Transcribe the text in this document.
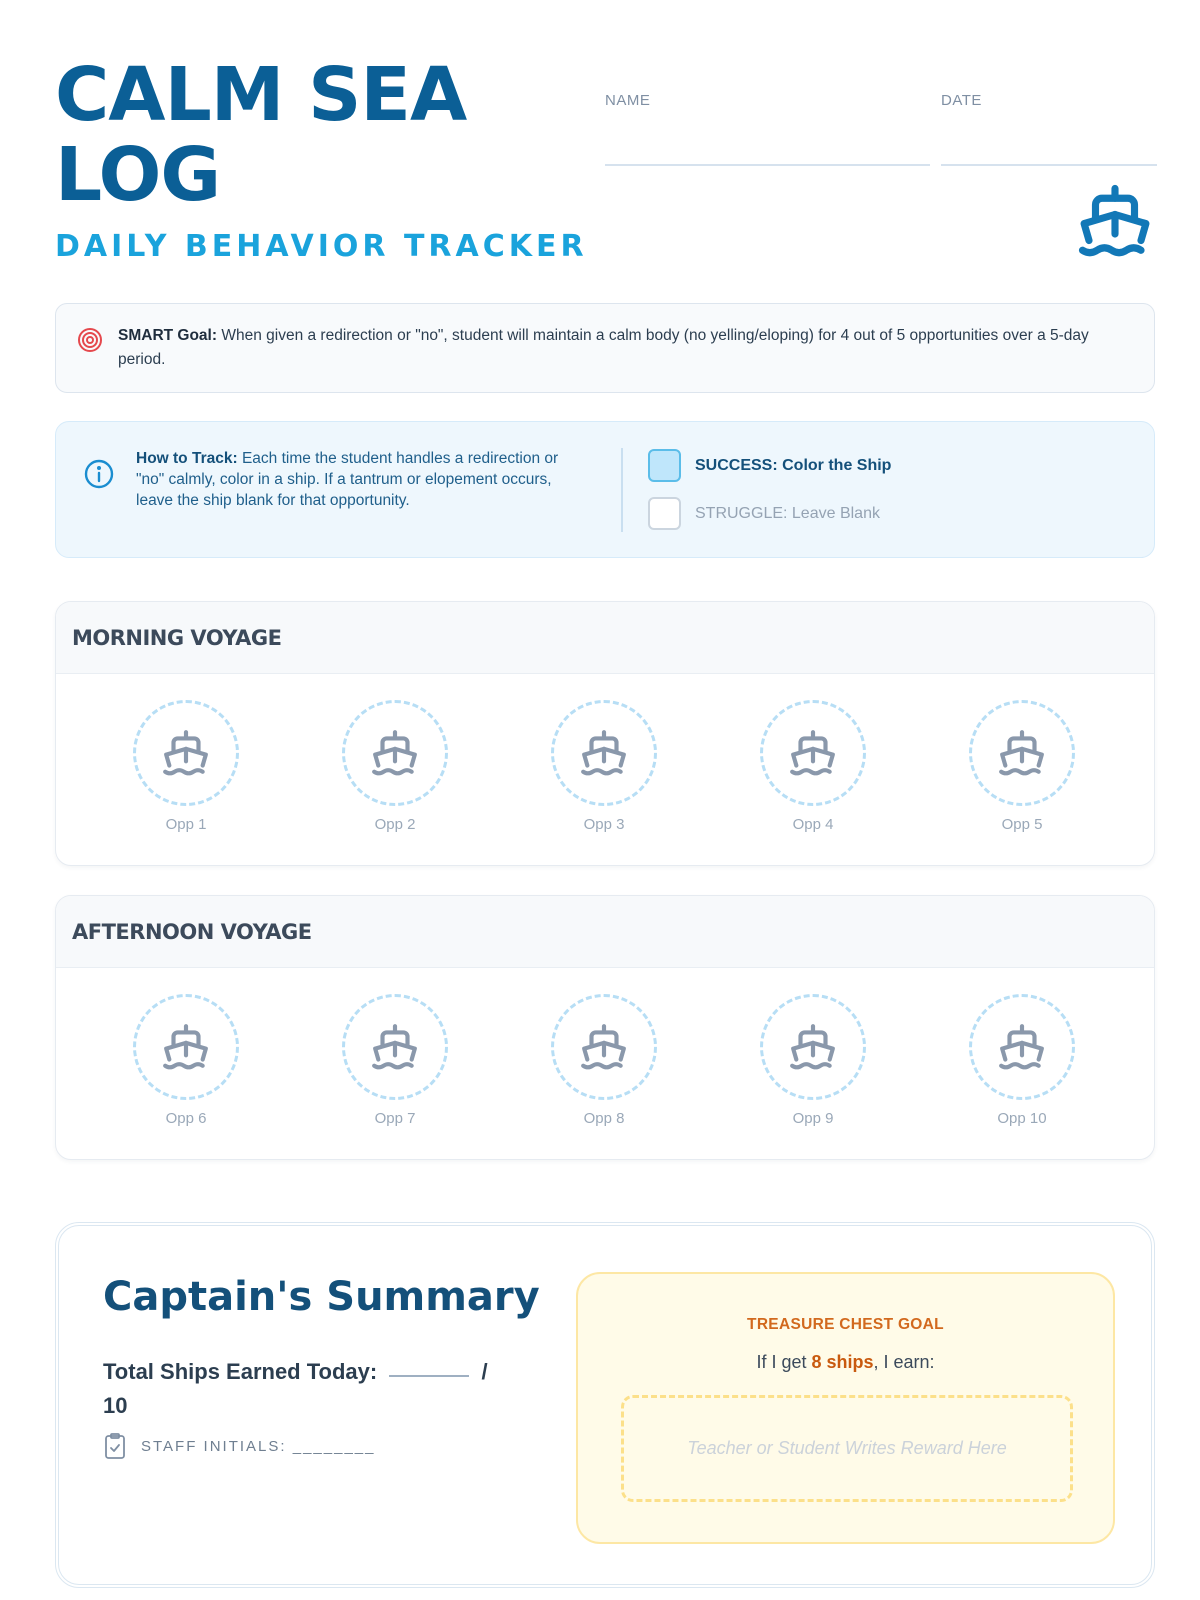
CALM SEA LOG
DAILY BEHAVIOR TRACKER
NAME	DATE
SMART Goal: When given a redirection or "no", student will maintain a calm body (no yelling/eloping) for 4 out of 5 opportunities over a 5-day period.
How to Track: Each time the student handles a redirection or "no" calmly, color in a ship. If a tantrum or elopement occurs, leave the ship blank for that opportunity.
SUCCESS: Color the Ship
STRUGGLE: Leave Blank
MORNING VOYAGE
Opp 1	Opp 2	Opp 3	Opp 4	Opp 5
AFTERNOON VOYAGE
Opp 6	Opp 7	Opp 8	Opp 9	Opp 10
Captain's Summary
Total Ships Earned Today:	/ 10
STAFF INITIALS: ________
TREASURE CHEST GOAL
If I get 8 ships, I earn:
Teacher or Student Writes Reward Here
